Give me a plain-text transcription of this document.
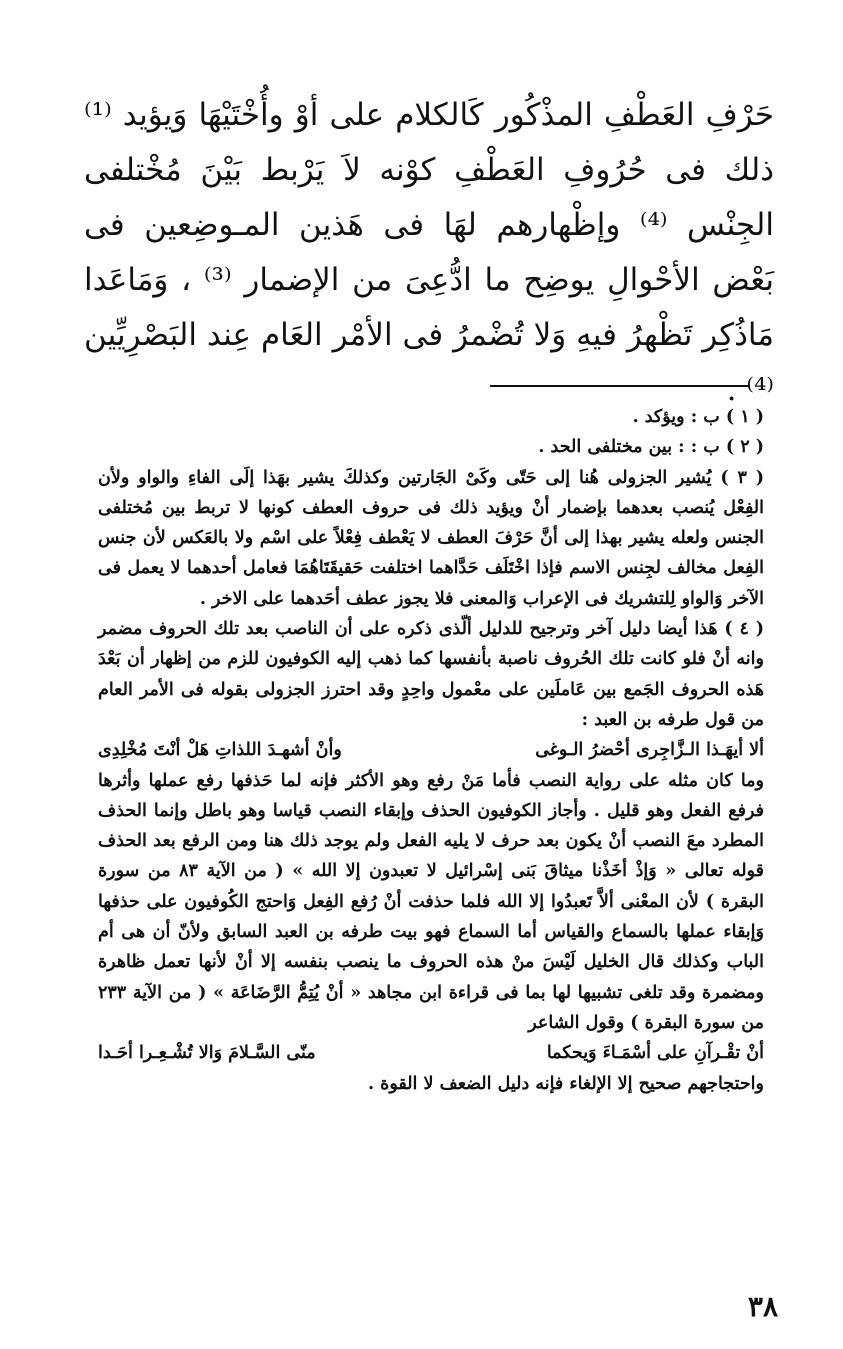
حَرْفِ العَطْفِ المذْكُور كَالكلام على أوْ وأُخْتَيْهَا وَيؤيد ⁽¹⁾ ذلك فى حُرُوفِ العَطْفِ كوْنه لاَ يَرْبط بَيْنَ مُخْتلفى الجِنْس ⁽⁴⁾ وإظْهارهم لهَا فى هَذين المـوضِعين فى بَعْض الأحْوالِ يوضِح ما ادُّعِىَ من الإضمار ⁽³⁾ ، وَمَاعَدا مَاذُكِر تَظْهرُ فيهِ وَلا تُضْمرُ فى الأمْر العَام عِند البَصْرِيِّين ⁽⁴⁾ .

( ١ ) ب : ويؤكد .

( ٢ ) ب : : بين مختلفى الحد .

( ٣ ) يُشير الجزولى هُنا إلى حَتّى وكَىْ الجَارتين وكذلكَ يشير بهَذا إلَى الفاءِ والواو ولأن الفِعْل يُنصب بعدهما بإضمار أنْ ويؤيد ذلك فى حروف العطف كونها لا تربط بين مُختلفى الجنس ولعله يشير بهذا إلى أنَّ حَرْفَ العطف لا يَعْطف فِعْلاً على اسْم ولا بالعَكس لأن جنس الفِعل مخالف لجِنس الاسم فإذا اخْتَلَف حَدَّاهما اختلفت حَقيقَتَاهُمَا فعامل أحدهما لا يعمل فى الآخر وَالواو لِلتشريك فى الإعراب وَالمعنى فلا يجوز عطف أحَدهما على الاخر .

( ٤ ) هَذا أيضا دليل آخر وترجيح للدليل ألّذى ذكره على أن الناصب بعد تلك الحروف مضمر وانه أنْ فلو كانت تلك الحُروف ناصبة بأنفسها كما ذهب إليه الكوفيون للزم من إظهار أن بَعْدَ هَذه الحروف الجَمع بين عَاملَين على معْمول واحِدٍ وقد احترز الجزولى بقوله فى الأمر العام من قول طرفه بن العبد :

ألا أيهَـذا الـزَّاجِرى أحْضرُ الـوغى
وأنْ أشهـدَ اللذاتِ هَلْ أنْتَ مُخْلِدِى

وما كان مثله على رواية النصب فأما مَنْ رفع وهو الأكثر فإنه لما حَذفها رفع عملها وأثرها فرفع الفعل وهو قليل . وأجاز الكوفيون الحذف وإبقاء النصب قياسا وهو باطل وإنما الحذف المطرد معَ النصب أنْ يكون بعد حرف لا يليه الفعل ولم يوجد ذلك هنا ومن الرفع بعد الحذف قوله تعالى « وَإذْ أخَذْنا ميثاقَ بَنى إسْرائيل لا تعبدون إلا الله » ( من الآية ٨٣ من سورة البقرة ) لأن المعْنى ألاَّ تَعبدُوا إلا الله فلما حذفت أنْ رُفع الفِعل وَاحتج الكُوفيون على حذفها وَإبقاء عملها بالسماع والقياس أما السماع فهو بيت طرفه بن العبد السابق ولأنّ أن هى أم الباب وكذلك قال الخليل لَيْسَ منْ هذه الحروف ما ينصب بنفسه إلا أنْ لأنها تعمل ظاهرة ومضمرة وقد تلغى تشبيها لها بما فى قراءة ابن مجاهد « أنْ يُتِمُّ الرَّضَاعَة » ( من الآية ٢٣٣ من سورة البقرة ) وقول الشاعر

أنْ تقْـرآنِ على أسْمَـاءَ وَيحكما
منّى السَّـلامَ وَالا تُشْـعِـرا أحَـدا

واحتجاجهم صحيح إلا الإلغاء فإنه دليل الضعف لا القوة .

٣٨
